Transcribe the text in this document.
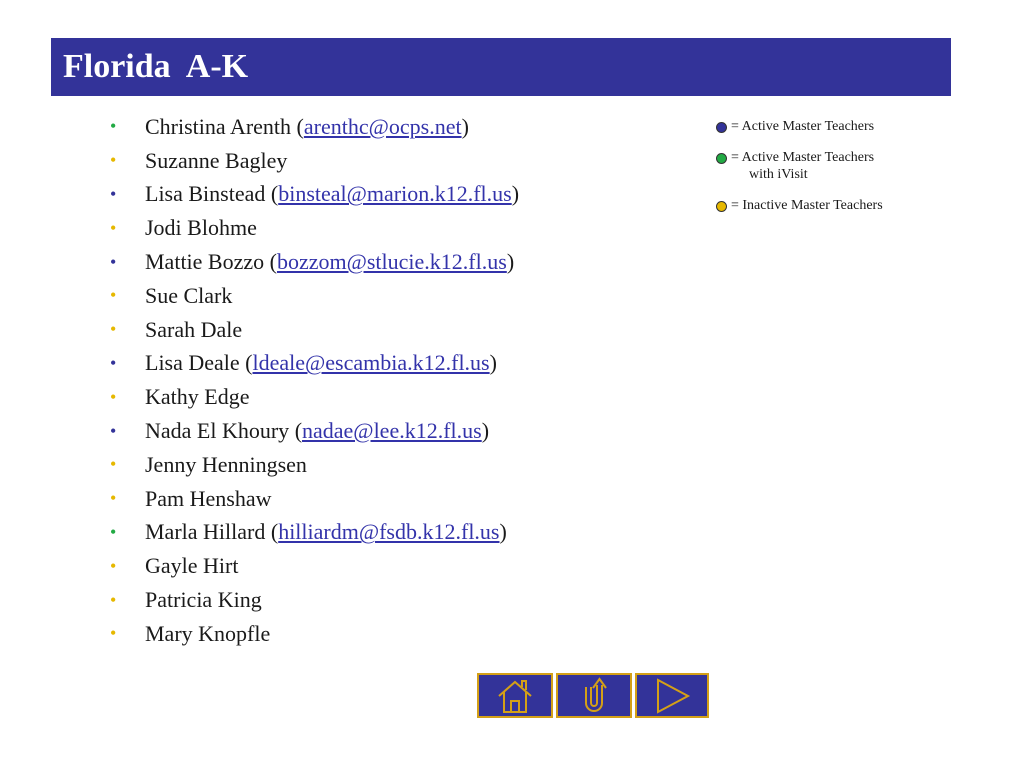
Florida  A-K
•	Christina Arenth ( arenthc@ocps.net )
•	Suzanne Bagley
•	Lisa Binstead ( binsteal@marion.k12.fl.us )
•	Jodi Blohme
•	Mattie Bozzo ( bozzom@stlucie.k12.fl.us )
•	Sue Clark
•	Sarah Dale
•	Lisa Deale ( ldeale@escambia.k12.fl.us )
•	Kathy Edge
•	Nada El Khoury ( nadae@lee.k12.fl.us )
•	Jenny Henningsen
•	Pam Henshaw
•	Marla Hillard ( hilliardm@fsdb.k12.fl.us )
•	Gayle Hirt
•	Patricia King
•	Mary Knopfle
= Active Master Teachers
= Active Master Teachers
with iVisit
= Inactive Master Teachers
